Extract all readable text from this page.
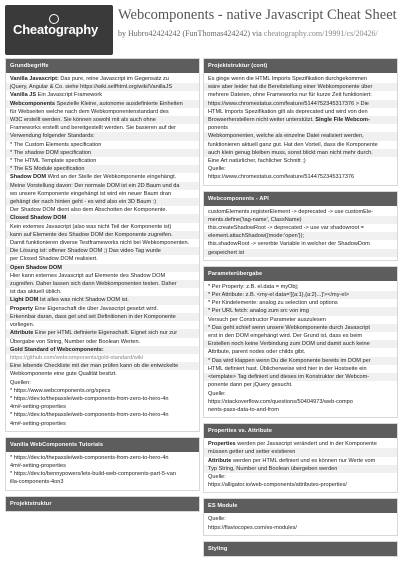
Cheatography
Webcomponents - native Javascript Cheat Sheet
by Hubro42424242 (FunThomas424242) via cheatography.com/19991/cs/20426/
Grundbegriffe
Vanilla Javascript: Das pure, reine Javascript im Gegensatz zu
jQuery, Angular & Co. siehe https://wiki.selfhtml.org/wiki/VanillaJS
Vanilla JS Ein Javascript Framework
Webcomponents Spezielle Kleine, autonome ausdefinierte Einheiten
für Webseiten welche nach dem Webkomponentenstandard des
W3C erstellt werden. Sie können sowohl mit als auch ohne
Frameworks erstellt und bereitgestellt werden. Sie basieren auf der
Verwendung folgender Standards:
* The Custom Elements specification
* The shadow DOM specification
* The HTML Template specification
* The ES Module specification
Shadow DOM Wird an der Stelle der Webkomponente eingehängt.
Meine Vorstellung davon: Der normale DOM ist ein 2D Baum und da
wo unsere Komponente eingehängt ist wird ein neuer Baum dran
gehängt der nach hinten geht - es wird also ein 3D Baum :)
Der Shadow DOM dient also dem Abschotten der Komponente.
Closed Shadow DOM
Kein externes Javascript (also was nicht Teil der Komponente ist)
kann auf Elemente des Shadow DOM der Komponente zugreifen.
Damit funktionieren diverse Testframeworks nicht bei Webkomponenten.
Die Lösung ist: offener Shadow DOM ;) Das video Tag wurde
per Closed Shadow DOM realisiert.
Open Shadow DOM
Hier kann externes Javascript auf Elemente des Shadow DOM
zugreifen. Daher lassen sich dann Webkomponenten testen. Daher
ist das aktuell üblich.
Light DOM Ist alles was nicht Shadow DOM ist.
Property Eine Eigenschaft die über Javascript gesetzt wird.
Erkennbar daran, dass get und set Definitionen in der Komponente
vorliegen.
Attribute Eine per HTML definierte Eigenschaft. Eignet sich nur zur
Übergabe von String, Number oder Boolean Werten.
Gold Standard of Webcomponents:
https://github.com/webcomponents/gold-standard/wiki
Eine lebende Checkliste mit der man prüfen kann ob die entwickelte
Webkomponente eine gute Qualität besitzt.
Quellen:
* https://www.webcomponents.org/specs
* https://dev.to/thepassle/web-components-from-zero-to-hero-4n
4m#-setting-properties
* https://dev.to/thepassle/web-components-from-zero-to-hero-4n
4m#-setting-properties
Vanilla WebComponents Tutorials
* https://dev.to/thepassle/web-components-from-zero-to-hero-4n
4m#-setting-properties
* https://dev.to/bennypowers/lets-build-web-components-part-5-van
illa-components-4on3
Projektstruktur
Projektstruktur (cont)
Es ginge wenn die HTML Imports Spezifikation durchgekommen
wäre aber leider hat die Bereitstellung einer Webkomponente über
mehrere Dateien, ohne Frameworks nur für kurze Zeit funktioniert:
https://www.chromestatus.com/feature/5144752345317376 > Die
HTML Imports Spezifikation gilt als deprecated und wird von den
Browserherstellern nicht weiter unterstützt. Single File Webcom-
ponents
Webkomponenten, welche als einzelne Datei realisiert werden,
funktionieren aktuell ganz gut. Hat den Vorteil, dass die Komponente
auch klein genug bleiben muss, sonst blickt man nicht mehr durch.
Eine Art natürlicher, fachlicher Schnitt ;)
Quelle:
https://www.chromestatus.com/feature/5144752345317376
Webcomponents - API
customElements.registerElement -> deprecated -> use customEle-
ments.define('tag-name', ClassName)
this.createShadowRoot -> deprecated -> use var shadowroot =
element.attachShadow({mode:'open'});
this.shadowRoot -> vererbte Variable in welcher der ShadowDom
gespeichert ist
Parameterübergabe
* Per Property: z.B. el.data = myObj;
* Per Attribute: z.B. <my-el data='[{a:1},{a:2}...]'></my-el>
* Per Kindelemente: analog zu selection und options
* Per URL fetch: analog zum src von img
Versuch per Constructor Parameter auszulesen
* Das geht schief wenn unsere Webkomponente durch Javascript
erst in den DOM eingehängt wird. Der Grund ist, dass es beim
Erstellen noch keine Verbindung zum DOM und damit auch keine
Attribute, parent nodes oder childs gibt.
* Das wird klappen wenn Du die Komponente bereits im DOM per
HTML definiert hast. Üblicherweise wird hier in der Hostseite ein
<template> Tag definiert und dieses im Konstruktor der Webcom-
ponente dann per jQuery gesucht.
Quelle:
https://stackoverflow.com/questions/50404973/web-compo
nents-pass-data-to-and-from
Properties vs. Attribute
Properties werden per Javascript verändert und in der Komponente
müssen getter und setter existieren
Attribute werden per HTML definiert und es können nur Werte vom
Typ String, Number und Boolean übergeben werden
Quelle:
https://alligator.io/web-components/attributes-properties/
ES Module
Quelle:
https://flaviocopes.com/es-modules/
Styling
